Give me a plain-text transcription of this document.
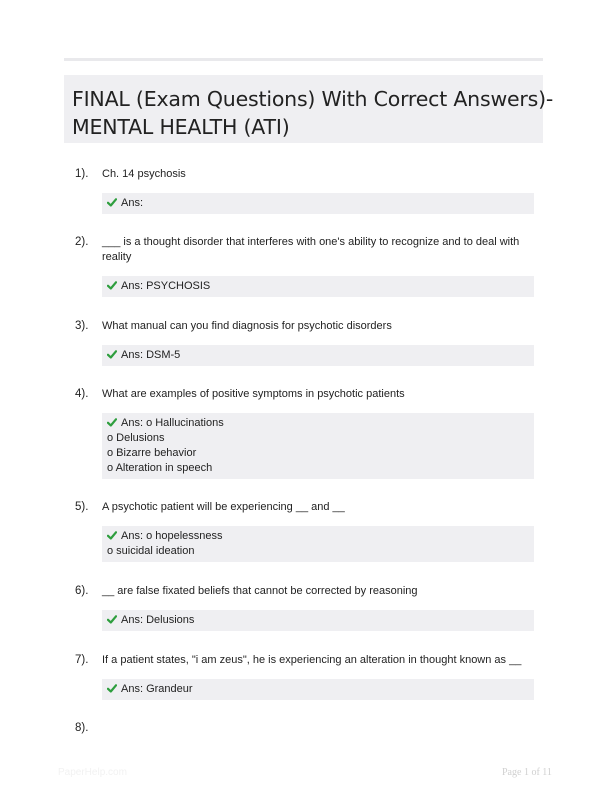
FINAL (Exam Questions) With Correct Answers)-
MENTAL HEALTH (ATI)
1). Ch. 14 psychosis
Ans:
2). ___ is a thought disorder that interferes with one's ability to recognize and to deal with reality
Ans: PSYCHOSIS
3). What manual can you find diagnosis for psychotic disorders
Ans: DSM-5
4). What are examples of positive symptoms in psychotic patients
Ans: o Hallucinations
o Delusions
o Bizarre behavior
o Alteration in speech
5). A psychotic patient will be experiencing __ and __
Ans: o hopelessness
o suicidal ideation
6). __ are false fixated beliefs that cannot be corrected by reasoning
Ans: Delusions
7). If a patient states, "i am zeus", he is experiencing an alteration in thought known as __
Ans: Grandeur
8).
PaperHelp.com	Page 1 of 11
